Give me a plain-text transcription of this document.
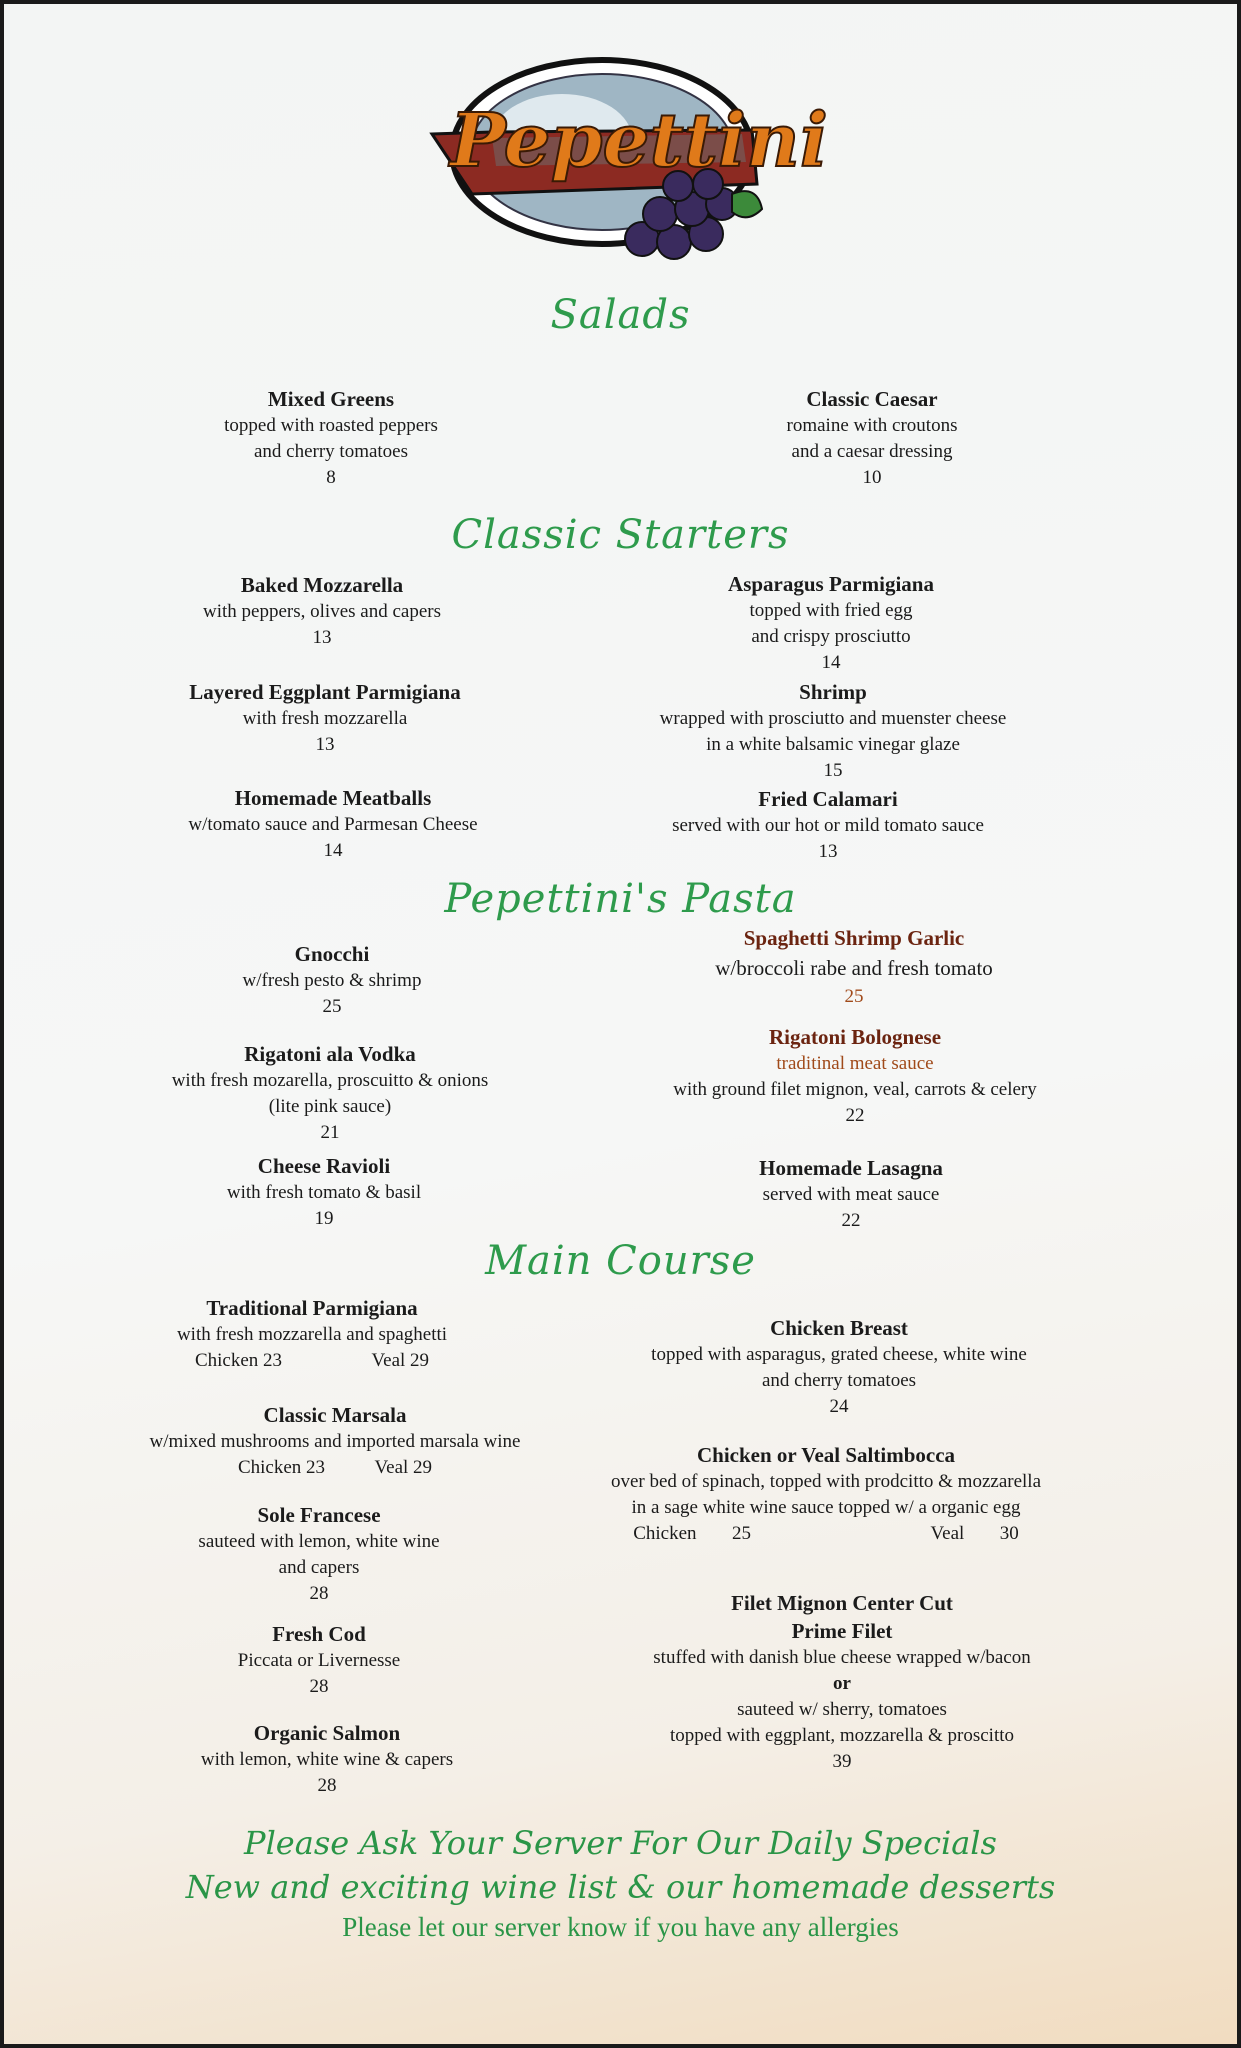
Pepettini
Salads
Classic Starters
Pepettini's Pasta
Main Course
Mixed Greens
topped with roasted peppers
and cherry tomatoes
8
Classic Caesar
romaine with croutons
and a caesar dressing
10
Baked Mozzarella
with peppers, olives and capers
13
Asparagus Parmigiana
topped with fried egg
and crispy prosciutto
14
Layered Eggplant Parmigiana
with fresh mozzarella
13
Shrimp
wrapped with prosciutto and muenster cheese
in a white balsamic vinegar glaze
15
Homemade Meatballs
w/tomato sauce and Parmesan Cheese
14
Fried Calamari
served with our hot or mild tomato sauce
13
Gnocchi
w/fresh pesto & shrimp
25
Spaghetti Shrimp Garlic
w/broccoli rabe and fresh tomato
25
Rigatoni ala Vodka
with fresh mozarella, proscuitto & onions
(lite pink sauce)
21
Rigatoni Bolognese
traditinal meat sauce
with ground filet mignon, veal, carrots & celery
22
Cheese Ravioli
with fresh tomato & basil
19
Homemade Lasagna
served with meat sauce
22
Traditional Parmigiana
with fresh mozzarella and spaghetti
Chicken 23	Veal 29
Chicken Breast
topped with asparagus, grated cheese, white wine
and cherry tomatoes
24
Classic Marsala
w/mixed mushrooms and imported marsala wine
Chicken 23	Veal 29
Chicken or Veal Saltimbocca
over bed of spinach, topped with prodcitto & mozzarella
in a sage white wine sauce topped w/ a organic egg
Chicken 25	Veal 30
Sole Francese
sauteed with lemon, white wine
and capers
28
Fresh Cod
Piccata or Livernesse
28
Filet Mignon Center Cut
Prime Filet
stuffed with danish blue cheese wrapped w/bacon
or
sauteed w/ sherry, tomatoes
topped with eggplant, mozzarella & proscitto
39
Organic Salmon
with lemon, white wine & capers
28
Please Ask Your Server For Our Daily Specials
New and exciting wine list & our homemade desserts
Please let our server know if you have any allergies
